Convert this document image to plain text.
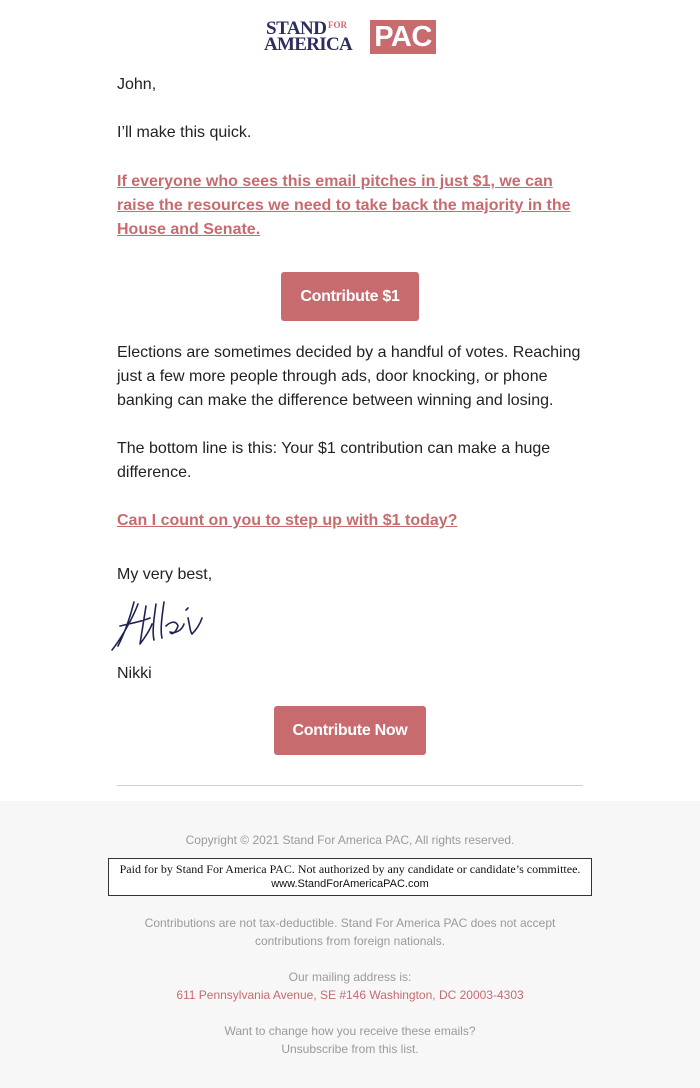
STAND FOR
AMERICA PAC
John,
I’ll make this quick.
If everyone who sees this email pitches in just $1, we can raise the resources we need to take back the majority in the House and Senate.
Contribute $1
Elections are sometimes decided by a handful of votes. Reaching just a few more people through ads, door knocking, or phone banking can make the difference between winning and losing.
The bottom line is this: Your $1 contribution can make a huge difference.
Can I count on you to step up with $1 today?
My very best,
Nikki
Contribute Now
Copyright © 2021 Stand For America PAC, All rights reserved.
Paid for by Stand For America PAC. Not authorized by any candidate or candidate’s committee.
www.StandForAmericaPAC.com
Contributions are not tax-deductible. Stand For America PAC does not accept
contributions from foreign nationals.
Our mailing address is:
611 Pennsylvania Avenue, SE #146 Washington, DC 20003-4303
Want to change how you receive these emails?
Unsubscribe from this list.
